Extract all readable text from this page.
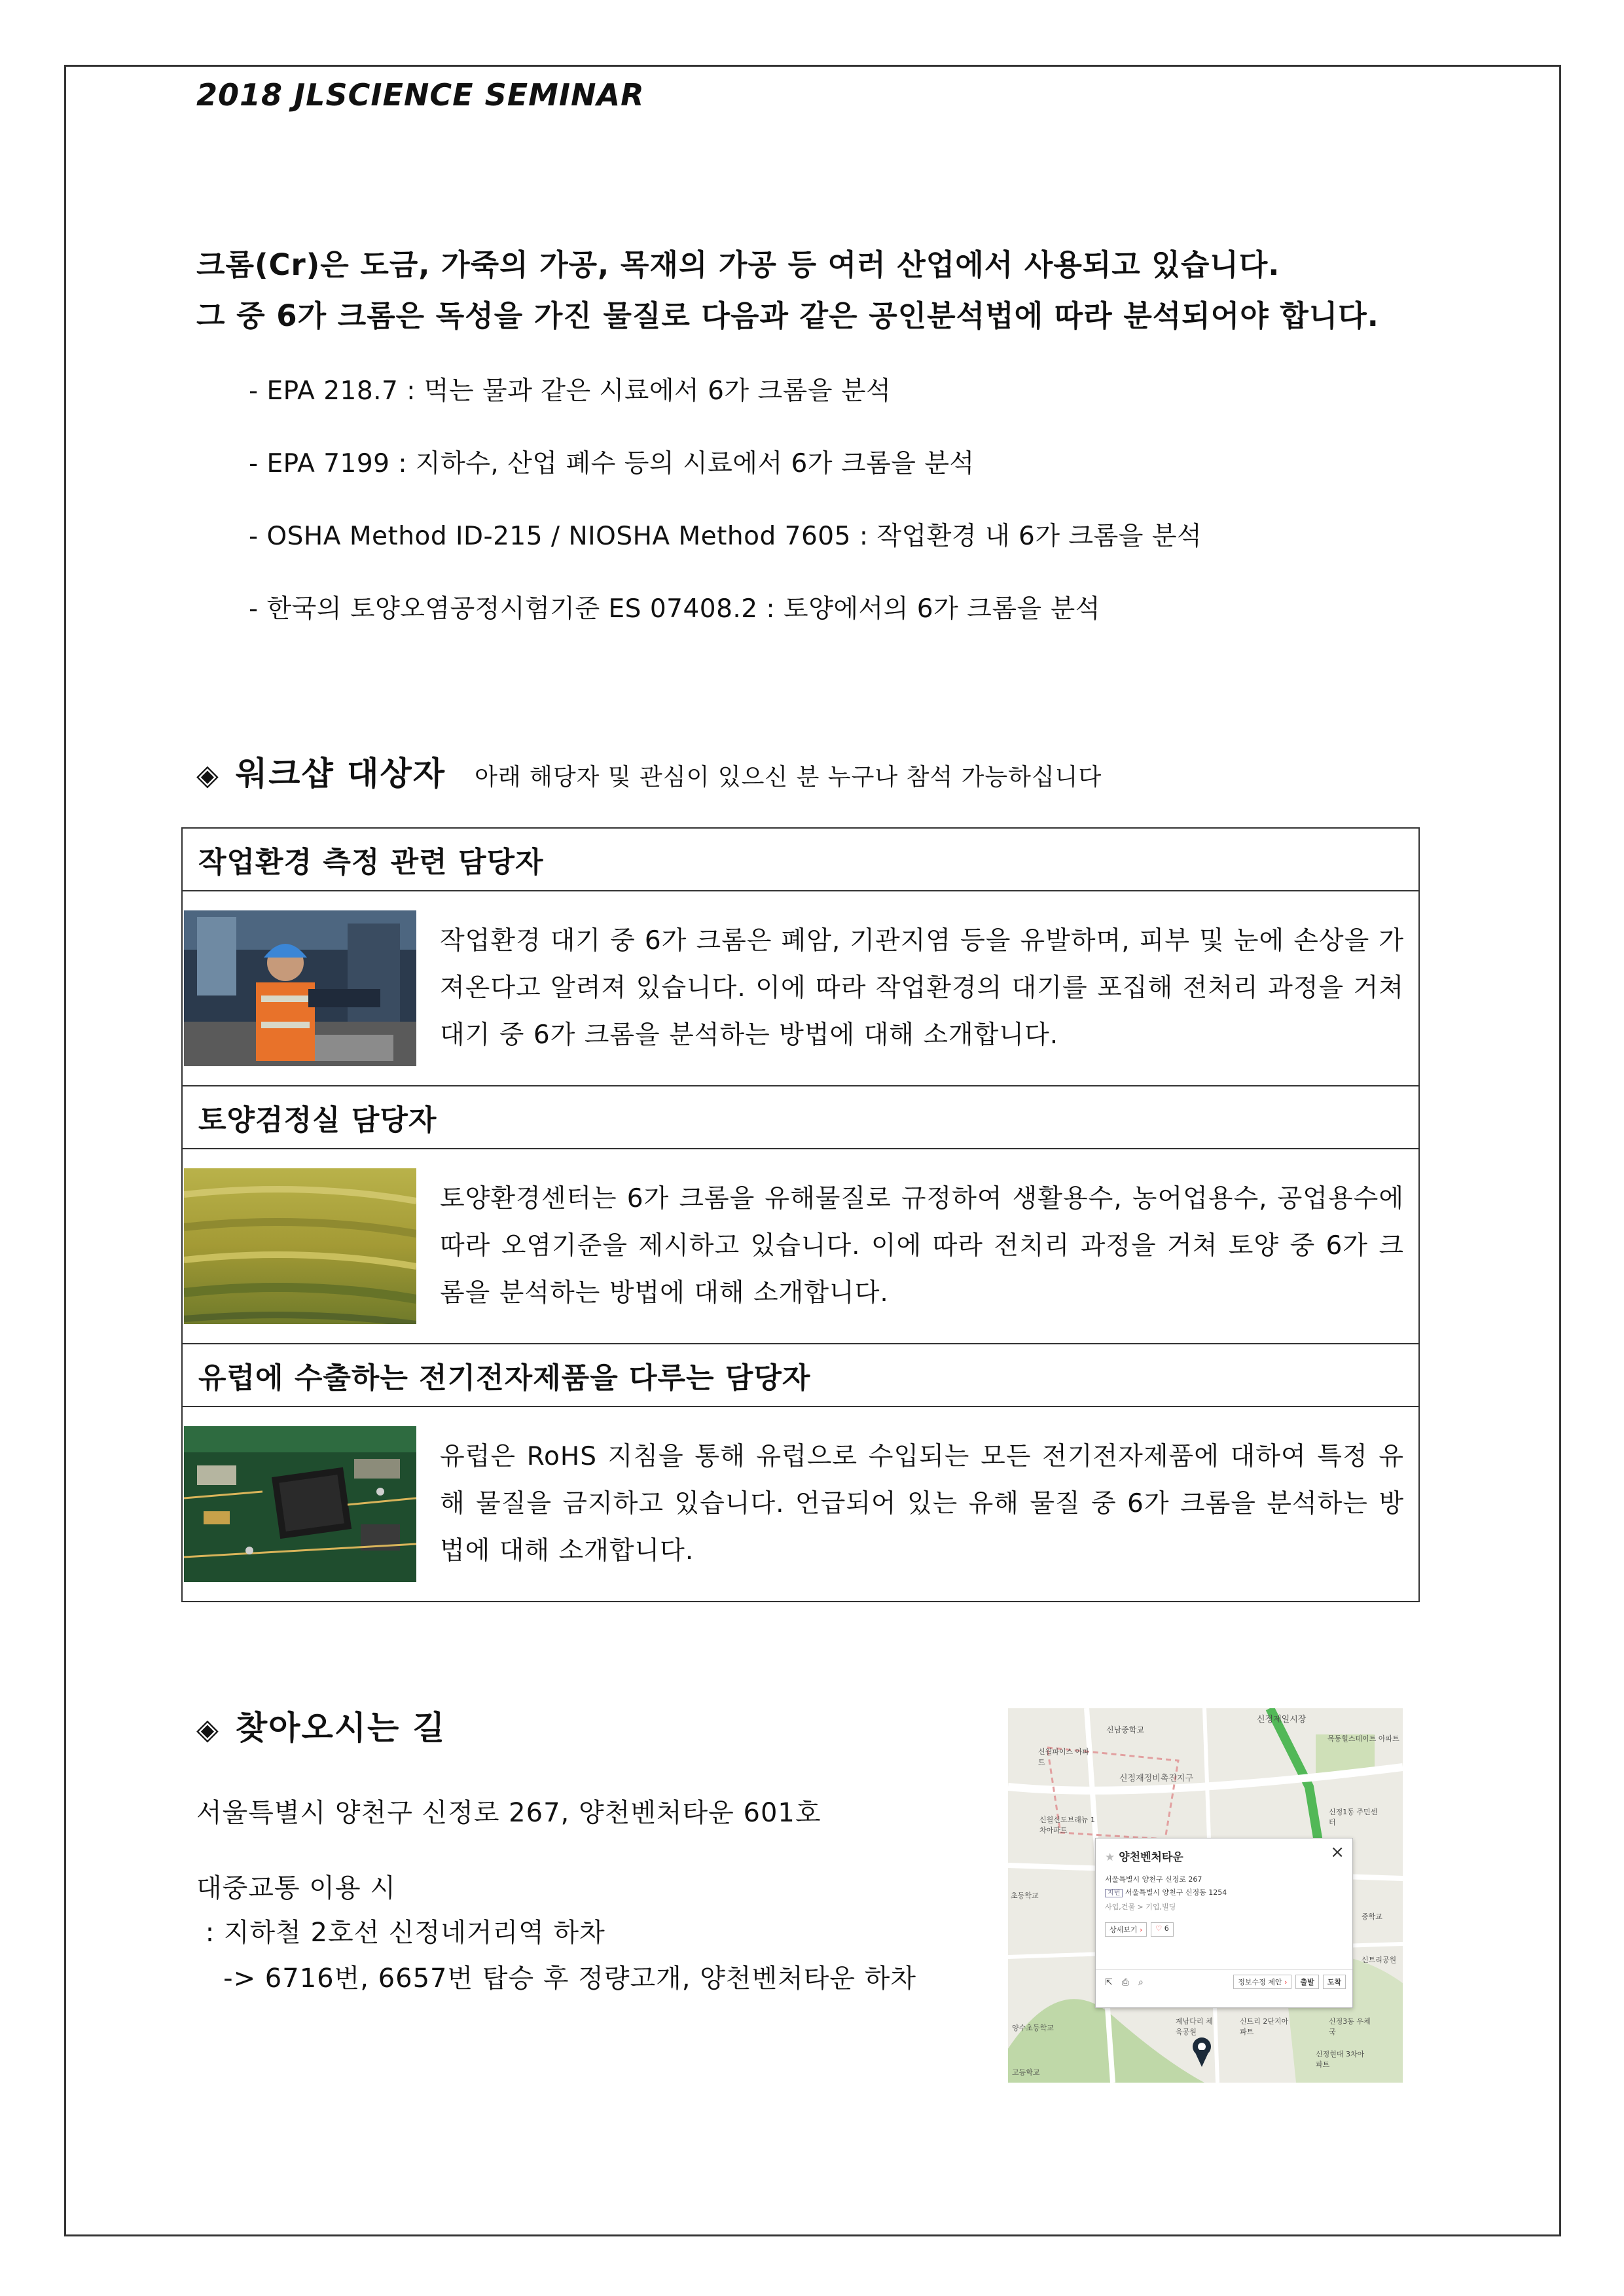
2018 JLSCIENCE SEMINAR
크롬(Cr)은 도금, 가죽의 가공, 목재의 가공 등 여러 산업에서 사용되고 있습니다.
그 중 6가 크롬은 독성을 가진 물질로 다음과 같은 공인분석법에 따라 분석되어야 합니다.
- EPA 218.7 : 먹는 물과 같은 시료에서 6가 크롬을 분석
- EPA 7199 : 지하수, 산업 폐수 등의 시료에서 6가 크롬을 분석
- OSHA Method ID-215 / NIOSHA Method 7605 : 작업환경 내 6가 크롬을 분석
- 한국의 토양오염공정시험기준 ES 07408.2 : 토양에서의 6가 크롬을 분석
◈ 워크샵 대상자 아래 해당자 및 관심이 있으신 분 누구나 참석 가능하십니다
작업환경 측정 관련 담당자

작업환경 대기 중 6가 크롬은 폐암, 기관지염 등을 유발하며, 피부 및 눈에 손상을 가져온다고 알려져 있습니다. 이에 따라 작업환경의 대기를 포집해 전처리 과정을 거쳐 대기 중 6가 크롬을 분석하는 방법에 대해 소개합니다.

토양검정실 담당자

토양환경센터는 6가 크롬을 유해물질로 규정하여 생활용수, 농어업용수, 공업용수에 따라 오염기준을 제시하고 있습니다. 이에 따라 전치리 과정을 거쳐 토양 중 6가 크롬을 분석하는 방법에 대해 소개합니다.

유럽에 수출하는 전기전자제품을 다루는 담당자

유럽은 RoHS 지침을 통해 유럽으로 수입되는 모든 전기전자제품에 대하여 특정 유해 물질을 금지하고 있습니다. 언급되어 있는 유해 물질 중 6가 크롬을 분석하는 방법에 대해 소개합니다.
◈ 찾아오시는 길
서울특별시 양천구 신정로 267, 양천벤처타운 601호
대중교통 이용 시
: 지하철 2호선 신정네거리역 하차
-> 6716번, 6657번 탑승 후 정량고개, 양천벤처타운 하차
신정제일시장
신남중학교
목동힐스테이트 아파트
신월파이스 아파트
신정재정비촉진지구
신월신도브래뉴 1차아파트
초등학교
신정1동 주민센터
중학교
신트리공원
양수초등학교
계남다리 체육공원
신트리 2단지아파트
신정3동 우체국
고등학교
신정현대 3차아파트
★ 양천벤처타운	×
서울특별시 양천구 신정로 267
지번 서울특별시 양천구 신정동 1254
사업,건물 > 기업,빌딩
상세보기 ›	♡ 6
⇱ ⎙ ⌕	정보수정 제안 ›	출발	도착
